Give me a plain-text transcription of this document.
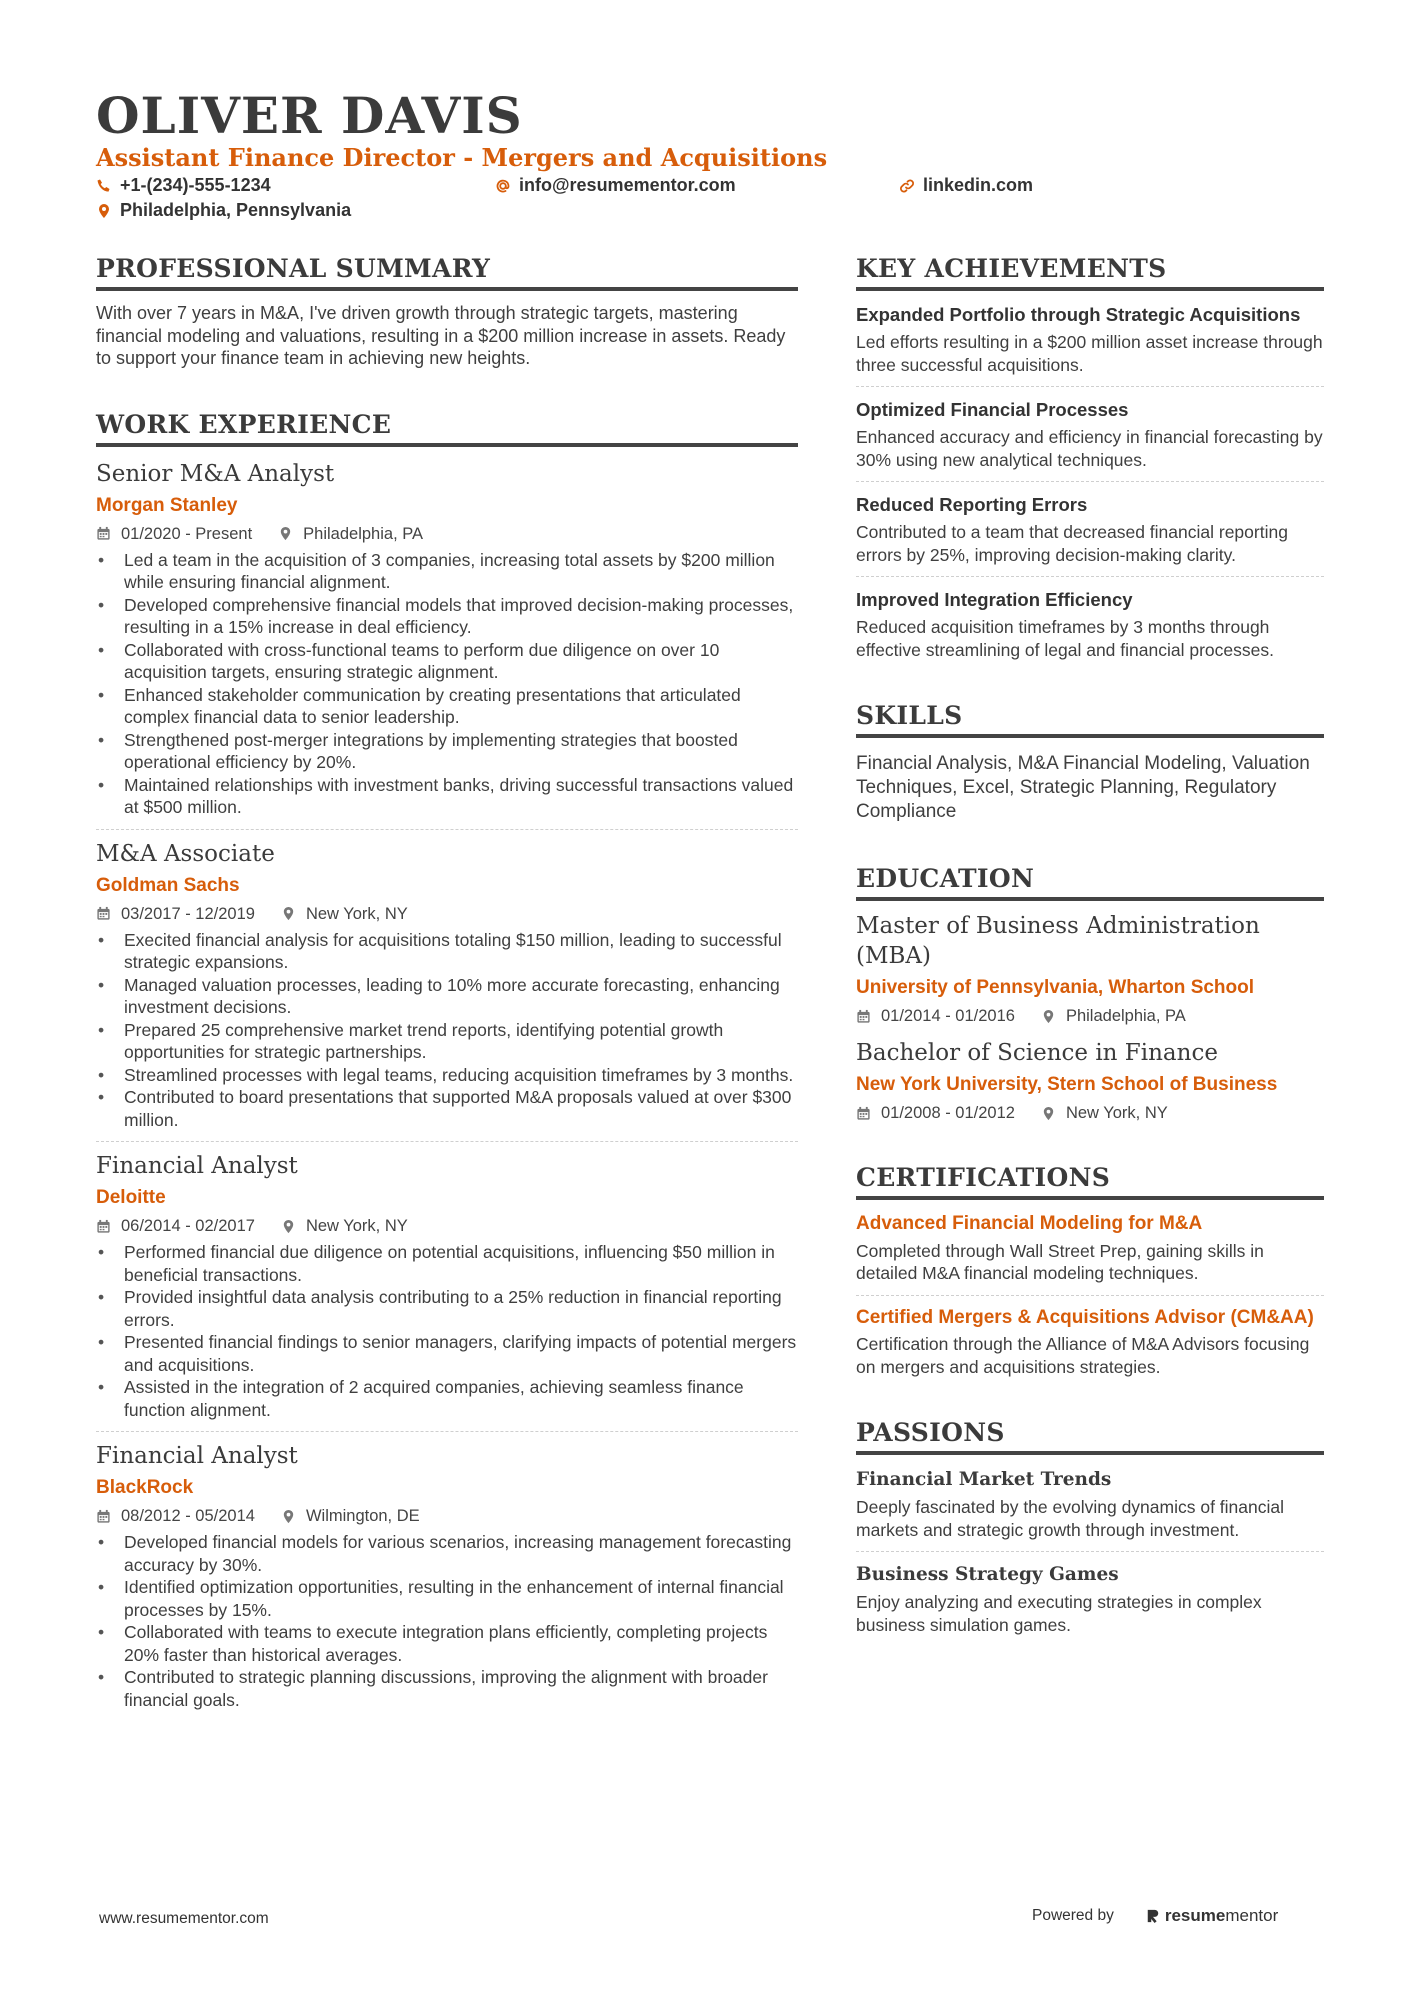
OLIVER DAVIS
Assistant Finance Director - Mergers and Acquisitions
+1-(234)-555-1234	info@resumementor.com	linkedin.com
Philadelphia, Pennsylvania
PROFESSIONAL SUMMARY
With over 7 years in M&A, I've driven growth through strategic targets, mastering financial modeling and valuations, resulting in a $200 million increase in assets. Ready to support your finance team in achieving new heights.
WORK EXPERIENCE
Senior M&A Analyst
Morgan Stanley
01/2020 - Present	Philadelphia, PA
• Led a team in the acquisition of 3 companies, increasing total assets by $200 million while ensuring financial alignment.
• Developed comprehensive financial models that improved decision-making processes, resulting in a 15% increase in deal efficiency.
• Collaborated with cross-functional teams to perform due diligence on over 10 acquisition targets, ensuring strategic alignment.
• Enhanced stakeholder communication by creating presentations that articulated complex financial data to senior leadership.
• Strengthened post-merger integrations by implementing strategies that boosted operational efficiency by 20%.
• Maintained relationships with investment banks, driving successful transactions valued at $500 million.
M&A Associate
Goldman Sachs
03/2017 - 12/2019	New York, NY
• Execited financial analysis for acquisitions totaling $150 million, leading to successful strategic expansions.
• Managed valuation processes, leading to 10% more accurate forecasting, enhancing investment decisions.
• Prepared 25 comprehensive market trend reports, identifying potential growth opportunities for strategic partnerships.
• Streamlined processes with legal teams, reducing acquisition timeframes by 3 months.
• Contributed to board presentations that supported M&A proposals valued at over $300 million.
Financial Analyst
Deloitte
06/2014 - 02/2017	New York, NY
• Performed financial due diligence on potential acquisitions, influencing $50 million in beneficial transactions.
• Provided insightful data analysis contributing to a 25% reduction in financial reporting errors.
• Presented financial findings to senior managers, clarifying impacts of potential mergers and acquisitions.
• Assisted in the integration of 2 acquired companies, achieving seamless finance function alignment.
Financial Analyst
BlackRock
08/2012 - 05/2014	Wilmington, DE
• Developed financial models for various scenarios, increasing management forecasting accuracy by 30%.
• Identified optimization opportunities, resulting in the enhancement of internal financial processes by 15%.
• Collaborated with teams to execute integration plans efficiently, completing projects 20% faster than historical averages.
• Contributed to strategic planning discussions, improving the alignment with broader financial goals.
KEY ACHIEVEMENTS
Expanded Portfolio through Strategic Acquisitions
Led efforts resulting in a $200 million asset increase through three successful acquisitions.
Optimized Financial Processes
Enhanced accuracy and efficiency in financial forecasting by 30% using new analytical techniques.
Reduced Reporting Errors
Contributed to a team that decreased financial reporting errors by 25%, improving decision-making clarity.
Improved Integration Efficiency
Reduced acquisition timeframes by 3 months through effective streamlining of legal and financial processes.
SKILLS
Financial Analysis, M&A Financial Modeling, Valuation Techniques, Excel, Strategic Planning, Regulatory Compliance
EDUCATION
Master of Business Administration (MBA)
University of Pennsylvania, Wharton School
01/2014 - 01/2016	Philadelphia, PA
Bachelor of Science in Finance
New York University, Stern School of Business
01/2008 - 01/2012	New York, NY
CERTIFICATIONS
Advanced Financial Modeling for M&A
Completed through Wall Street Prep, gaining skills in detailed M&A financial modeling techniques.
Certified Mergers & Acquisitions Advisor (CM&AA)
Certification through the Alliance of M&A Advisors focusing on mergers and acquisitions strategies.
PASSIONS
Financial Market Trends
Deeply fascinated by the evolving dynamics of financial markets and strategic growth through investment.
Business Strategy Games
Enjoy analyzing and executing strategies in complex business simulation games.
www.resumementor.com	Powered by	resume mentor
